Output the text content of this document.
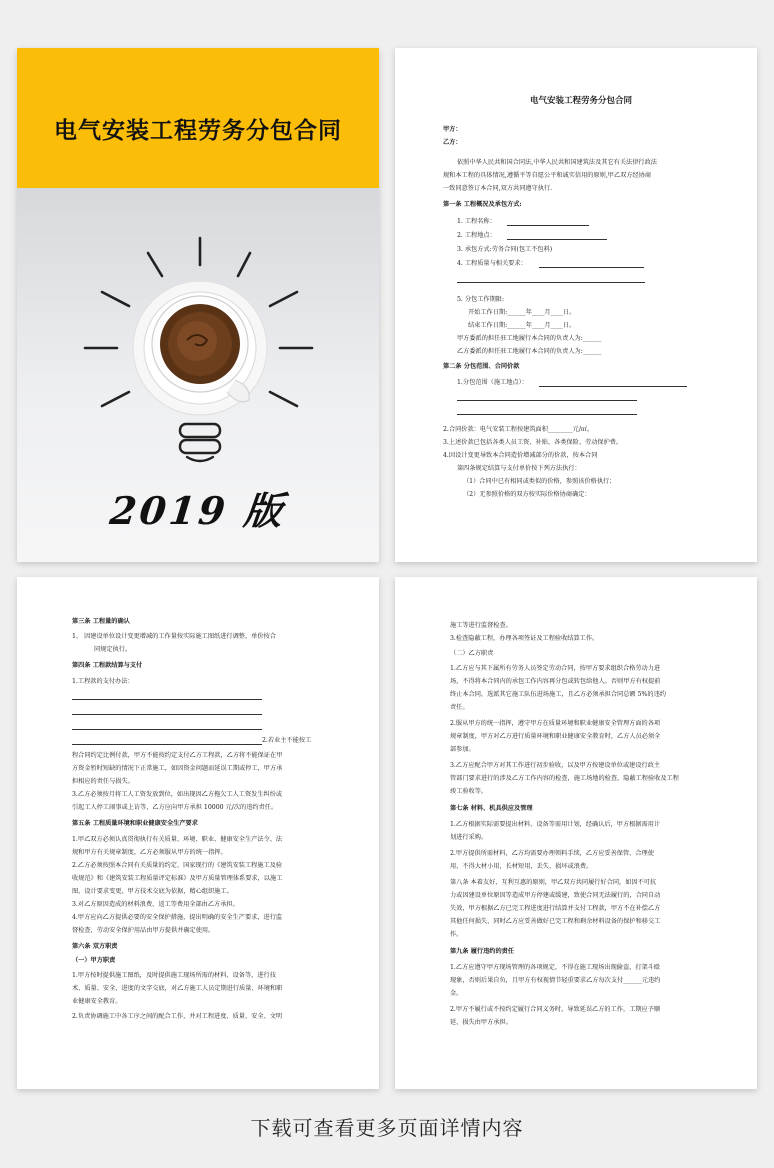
电气安装工程劳务分包合同
2019 版
电气安装工程劳务分包合同
甲方：
乙方：
依照中华人民共和国合同法,中华人民共和国建筑法及其它有关法律行政法
规和本工程的具体情况,遵循平等自愿公平和诚实信用的原则,甲乙双方经协商
一致同意签订本合同,双方共同遵守执行.
第一条 工程概况及承包方式:
1. 工程名称：
2. 工程地点：
3. 承包方式:劳务合同(包工不包料)
4. 工程质量与相关要求：
5. 分包工作期限:
开始工作日期:______年____月____日。
结束工作日期:______年____月____日。
甲方委派的担任驻工地履行本合同的负责人为:______
乙方委派的担任驻工地履行本合同的负责人为:______
第二条 分包范围、合同价款
1.分包范围（施工地点）：
2.合同价款：电气安装工程按建筑面积________元/㎡。
3.上述价款已包括各类人员工资、补贴、各类保险、劳动保护费。
4.因设计变更导致本合同造价增减部分的价款，按本合同
第四条规定结算与支付单价按下列方法执行：
（1）合同中已有相同或类似的价格，参照该价格执行；
（2）无参照价格的双方按实际价格协商确定：
第三条 工程量的确认
1、 因建设单位设计变更增减的工作量按实际施工图纸进行调整，单价按合
同规定执行。
第四条 工程款结算与支付
1.工程款的支付办法：
2.若业主不能按工
程合同约定比例付款，甲方不能按约定支付乙方工程款，乙方将不能保证在甲
方资金暂时短缺的情况下正常施工，如因资金问题而延误工期或停工，甲方承
担相应的责任与损失。
3.乙方必须按月将工人工资发放到位，如出现因乙方拖欠工人工资发生纠纷或
引起工人停工闹事或上访等，乙方应向甲方承担 10000 元/次的违约责任。
第五条 工程质量环境和职业健康安全生产要求
1.甲乙双方必须认真贯彻执行有关质量、环境、职业、健康安全生产法令、法
规和甲方有关规章制度，乙方必须服从甲方的统一指挥。
2.乙方必须按照本合同有关质量的约定、国家现行的《建筑安装工程施工及验
收规范》和《建筑安装工程质量评定标准》及甲方质量管理体系要求，以施工
图、设计要求变更、甲方技术交底为依据，精心组织施工。
3.对乙方原因造成的材料浪费、返工等费用全部由乙方承担。
4.甲方应向乙方提供必要的安全保护措施，提出明确的安全生产要求，进行监
督检查，劳动安全保护用品由甲方提供并确定使用。
第六条 双方职责
（一）甲方职责
1.甲方按时提供施工图纸，及时提供施工现场所需的材料、设备等，进行技
术、质量、安全、进度的文字交底，对乙方施工人员定期进行质量、环境和职
业健康安全教育。
2.负责协调施工中各工序之间的配合工作，并对工程进度、质量、安全、文明
施工等进行监督检查。
3.检查隐蔽工程，办理各项签证及工程验收结算工作。
（二）乙方职责
1.乙方应与其下属所有劳务人员签定劳动合同，按甲方要求组织合格劳动力进
场，不得将本合同内的承包工作内容再分包或转包给他人。否则甲方有权提前
终止本合同，选派其它施工队伍进场施工，且乙方必须承担合同总额 5%的违约
责任。
2.服从甲方的统一指挥，遵守甲方在质量环境和职业健康安全管理方面的各项
规章制度，甲方对乙方进行质量环境和职业健康安全教育时，乙方人员必须全
部参加。
3.乙方应配合甲方对其工作进行初步验收，以及甲方按建设单位或建设行政主
管部门要求进行的涉及乙方工作内容的检查，施工场地的检查，隐蔽工程验收及工程
竣工验收等。
第七条 材料、机具供应及管理
1.乙方根据实际需要提出材料、设备等需用计划，经确认后，甲方根据需用计
划进行采购。
2.甲方提供所需材料，乙方均需要办理领料手续，乙方应妥善保管、合理使
用，不得大材小用，长材短用，丢失、损坏或浪费。
第八条 本着友好、互利互惠的原则，甲乙双方共同履行好合同，如因不可抗
力或因建设单位原因等造成甲方停建或缓建，致使合同无法履行的，合同自动
失效，甲方根据乙方已完工程进度进行结算并支付工程款，甲方不在补偿乙方
其他任何损失，同时乙方应妥善做好已完工程和剩余材料设备的保护和移交工
作。
第九条 履行违约的责任
1.乙方应遵守甲方现场管理的各项规定，不得在施工现场出现偷盗、打架斗殴
现象，否则后果自负，且甲方有权视情节轻重要求乙方每次支付______元违约
金。
2.甲方不履行或不按约定履行合同义务时，导致延误乙方的工作，工期应予顺
延，损失由甲方承担。
下载可查看更多页面详情内容
